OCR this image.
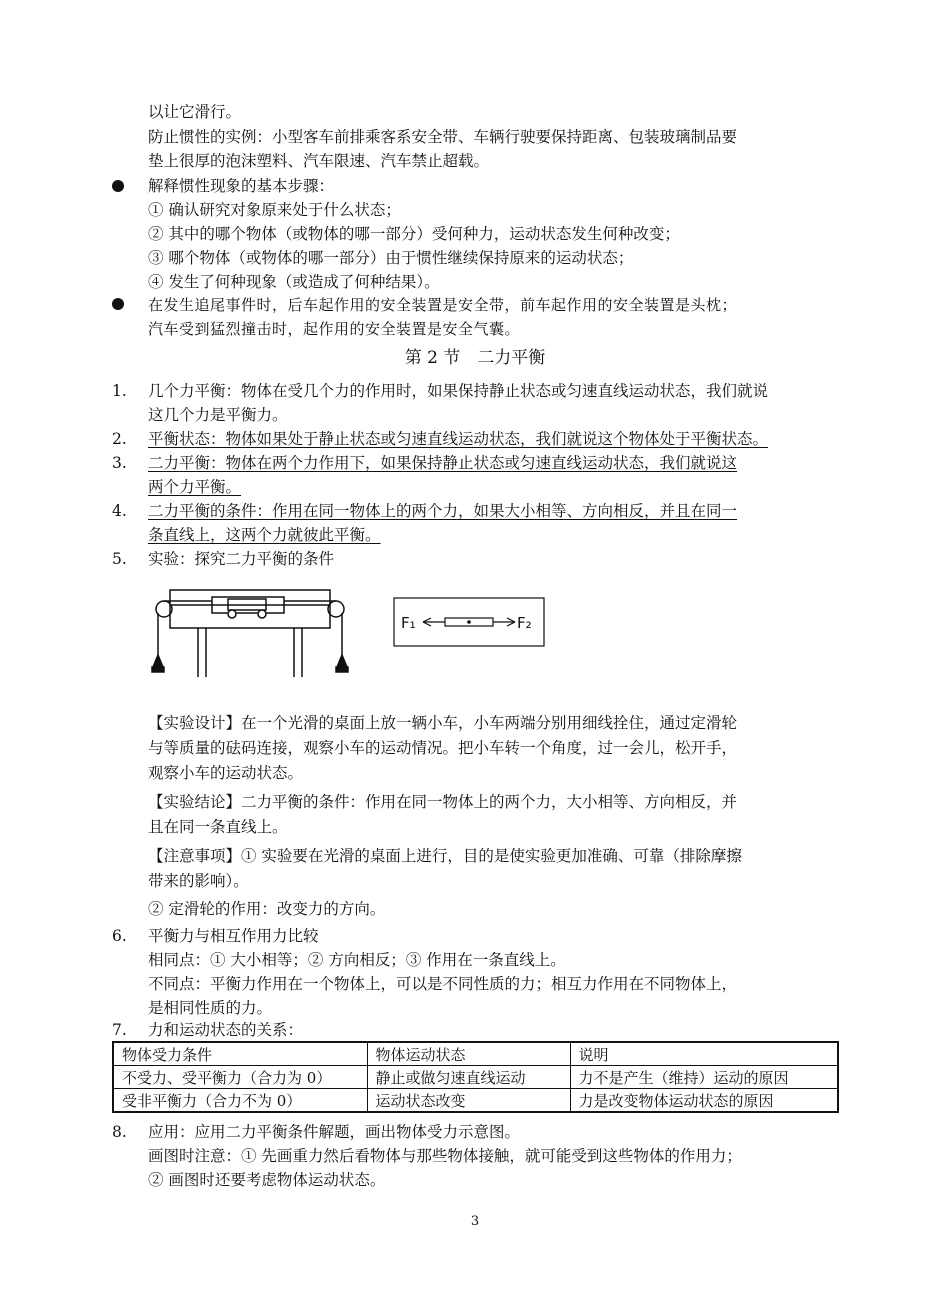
以让它滑行。
防止惯性的实例：小型客车前排乘客系安全带、车辆行驶要保持距离、包装玻璃制品要
垫上很厚的泡沫塑料、汽车限速、汽车禁止超载。
解释惯性现象的基本步骤：
① 确认研究对象原来处于什么状态；
② 其中的哪个物体（或物体的哪一部分）受何种力，运动状态发生何种改变；
③ 哪个物体（或物体的哪一部分）由于惯性继续保持原来的运动状态；
④ 发生了何种现象（或造成了何种结果）。
在发生追尾事件时，后车起作用的安全装置是安全带，前车起作用的安全装置是头枕；
汽车受到猛烈撞击时，起作用的安全装置是安全气囊。
第 2 节　二力平衡
1. 几个力平衡：物体在受几个力的作用时，如果保持静止状态或匀速直线运动状态，我们就说
这几个力是平衡力。
2. 平衡状态：物体如果处于静止状态或匀速直线运动状态，我们就说这个物体处于平衡状态。
3. 二力平衡：物体在两个力作用下，如果保持静止状态或匀速直线运动状态，我们就说这
两个力平衡。
4. 二力平衡的条件：作用在同一物体上的两个力，如果大小相等、方向相反，并且在同一
条直线上，这两个力就彼此平衡。
5. 实验：探究二力平衡的条件
F₁	F₂
【实验设计】在一个光滑的桌面上放一辆小车，小车两端分别用细线拴住，通过定滑轮
与等质量的砝码连接，观察小车的运动情况。把小车转一个角度，过一会儿，松开手，
观察小车的运动状态。
【实验结论】二力平衡的条件：作用在同一物体上的两个力，大小相等、方向相反，并
且在同一条直线上。
【注意事项】① 实验要在光滑的桌面上进行，目的是使实验更加准确、可靠（排除摩擦
带来的影响）。
② 定滑轮的作用：改变力的方向。
6. 平衡力与相互作用力比较
相同点：① 大小相等；② 方向相反；③ 作用在一条直线上。
不同点：平衡力作用在一个物体上，可以是不同性质的力；相互力作用在不同物体上，
是相同性质的力。
7. 力和运动状态的关系：
物体受力条件	物体运动状态	说明
不受力、受平衡力（合力为 0）	静止或做匀速直线运动	力不是产生（维持）运动的原因
受非平衡力（合力不为 0）	运动状态改变	力是改变物体运动状态的原因
8. 应用：应用二力平衡条件解题，画出物体受力示意图。
画图时注意：① 先画重力然后看物体与那些物体接触，就可能受到这些物体的作用力；
② 画图时还要考虑物体运动状态。
3
